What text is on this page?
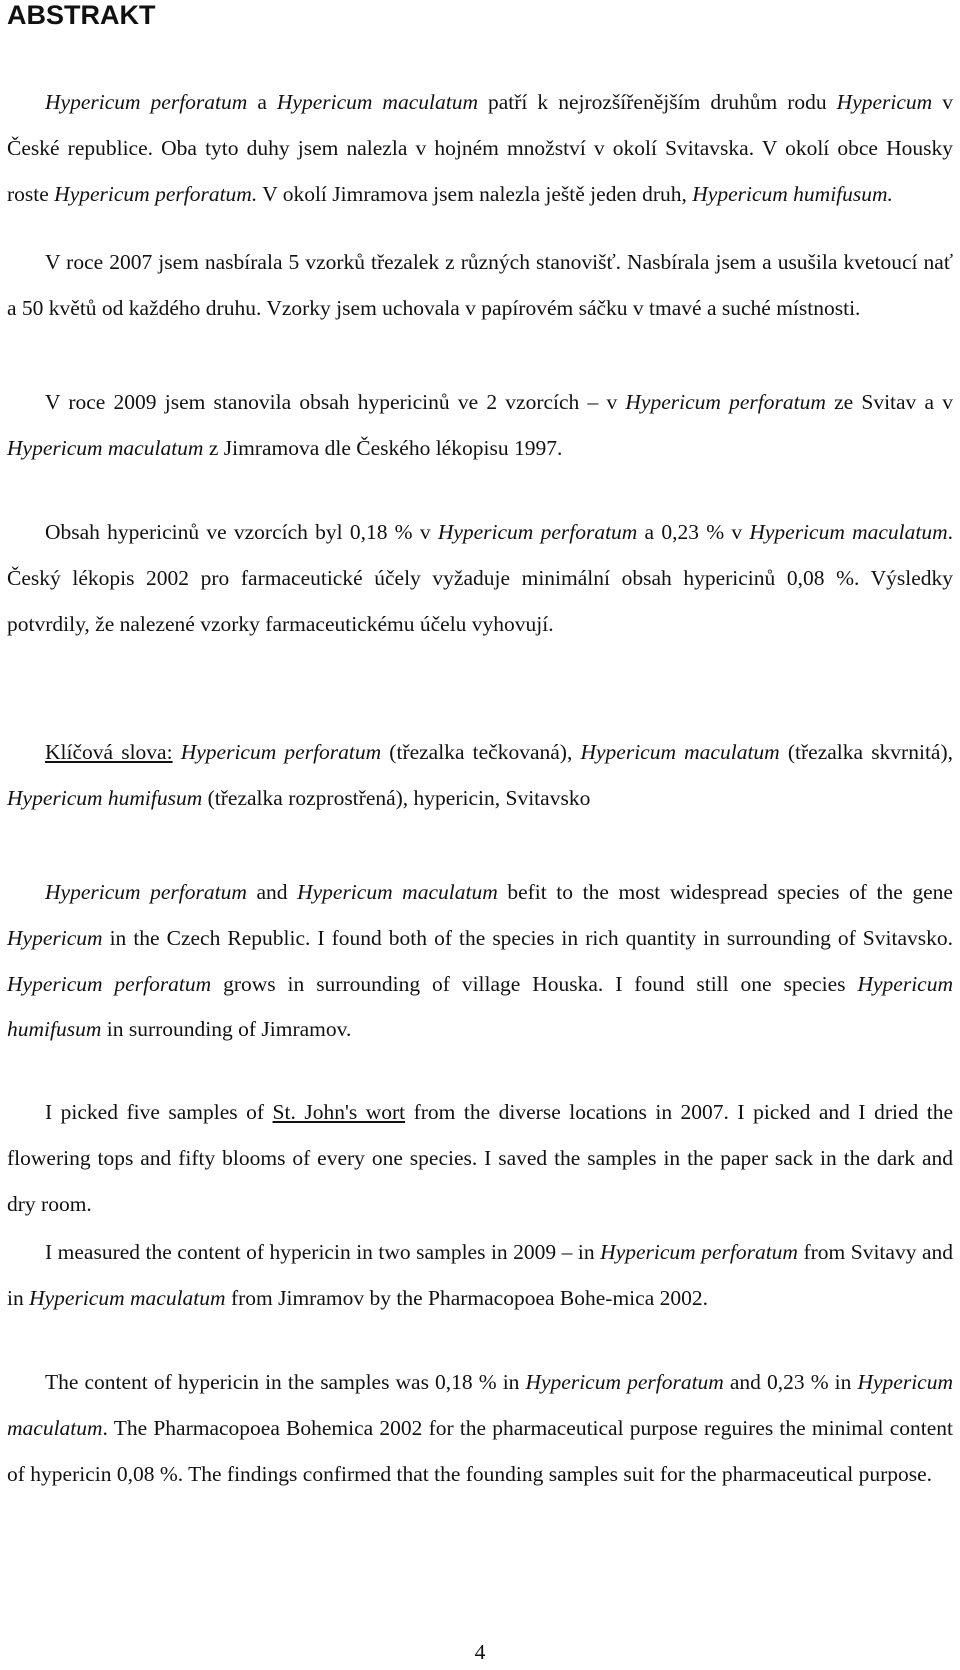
ABSTRAKT

Hypericum perforatum a Hypericum maculatum patří k nejrozšířenějším druhům rodu Hypericum v České republice. Oba tyto duhy jsem nalezla v hojném množství v okolí Svitavska. V okolí obce Housky roste Hypericum perforatum. V okolí Jimramova jsem nalezla ještě jeden druh, Hypericum humifusum.

V roce 2007 jsem nasbírala 5 vzorků třezalek z různých stanovišť. Nasbírala jsem a usušila kvetoucí nať a 50 květů od každého druhu. Vzorky jsem uchovala v papírovém sáčku v tmavé a suché místnosti.

V roce 2009 jsem stanovila obsah hypericinů ve 2 vzorcích – v Hypericum perforatum ze Svitav a v Hypericum maculatum z Jimramova dle Českého lékopisu 1997.

Obsah hypericinů ve vzorcích byl 0,18 % v Hypericum perforatum a 0,23 % v Hypericum maculatum. Český lékopis 2002 pro farmaceutické účely vyžaduje minimální obsah hypericinů 0,08 %. Výsledky potvrdily, že nalezené vzorky farmaceutickému účelu vyhovují.

Klíčová slova: Hypericum perforatum (třezalka tečkovaná), Hypericum maculatum (třezalka skvrnitá), Hypericum humifusum (třezalka rozprostřená), hypericin, Svitavsko

Hypericum perforatum and Hypericum maculatum befit to the most widespread species of the gene Hypericum in the Czech Republic. I found both of the species in rich quantity in surrounding of Svitavsko. Hypericum perforatum grows in surrounding of village Houska. I found still one species Hypericum humifusum in surrounding of Jimramov.

I picked five samples of St. John's wort from the diverse locations in 2007. I picked and I dried the flowering tops and fifty blooms of every one species. I saved the samples in the paper sack in the dark and dry room.

I measured the content of hypericin in two samples in 2009 – in Hypericum perforatum from Svitavy and in Hypericum maculatum from Jimramov by the Pharmacopoea Bohe-mica 2002.

The content of hypericin in the samples was 0,18 % in Hypericum perforatum and 0,23 % in Hypericum maculatum. The Pharmacopoea Bohemica 2002 for the pharmaceutical purpose reguires the minimal content of hypericin 0,08 %. The findings confirmed that the founding samples suit for the pharmaceutical purpose.

4
